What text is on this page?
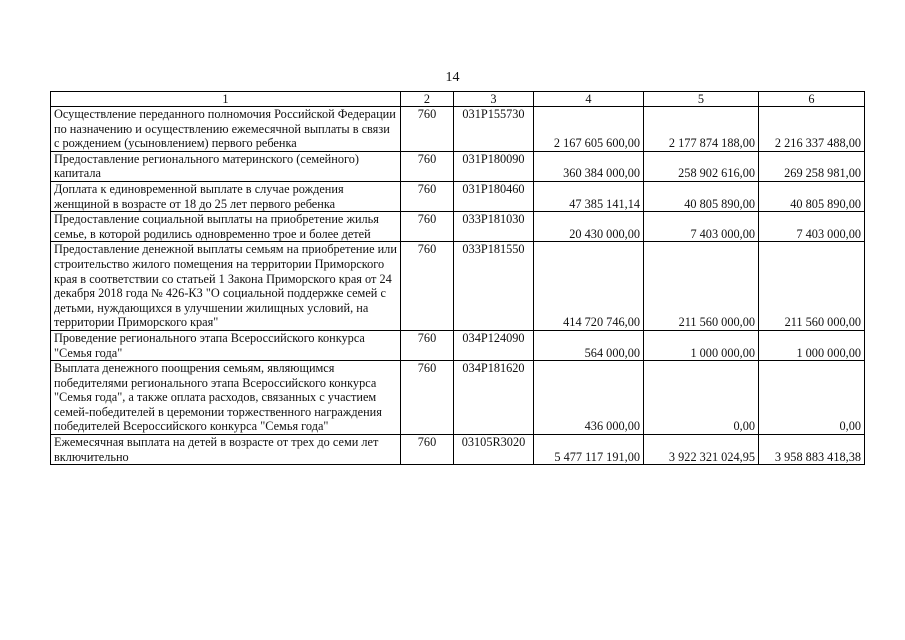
14
1	2	3	4	5	6
Осуществление переданного полномочия Российской Федерации по назначению и осуществлению ежемесячной выплаты в связи с рождением (усыновлением) первого ребенка	760	031P155730	2 167 605 600,00	2 177 874 188,00	2 216 337 488,00
Предоставление регионального материнского (семейного) капитала	760	031P180090	360 384 000,00	258 902 616,00	269 258 981,00
Доплата к единовременной выплате в случае рождения женщиной в возрасте от 18 до 25 лет первого ребенка	760	031P180460	47 385 141,14	40 805 890,00	40 805 890,00
Предоставление социальной выплаты на приобретение жилья семье, в которой родились одновременно трое и более детей	760	033P181030	20 430 000,00	7 403 000,00	7 403 000,00
Предоставление денежной выплаты семьям на приобретение или строительство жилого помещения на территории Приморского края в соответствии со статьей 1 Закона Приморского края от 24 декабря 2018 года № 426-КЗ "О социальной поддержке семей с детьми, нуждающихся в улучшении жилищных условий, на территории Приморского края"	760	033P181550	414 720 746,00	211 560 000,00	211 560 000,00
Проведение регионального этапа Всероссийского конкурса "Семья года"	760	034P124090	564 000,00	1 000 000,00	1 000 000,00
Выплата денежного поощрения семьям, являющимся победителями регионального этапа Всероссийского конкурса "Семья года", а также оплата расходов, связанных с участием семей-победителей в церемонии торжественного награждения победителей Всероссийского конкурса "Семья года"	760	034P181620	436 000,00	0,00	0,00
Ежемесячная выплата на детей в возрасте от трех до семи лет включительно	760	03105R3020	5 477 117 191,00	3 922 321 024,95	3 958 883 418,38
